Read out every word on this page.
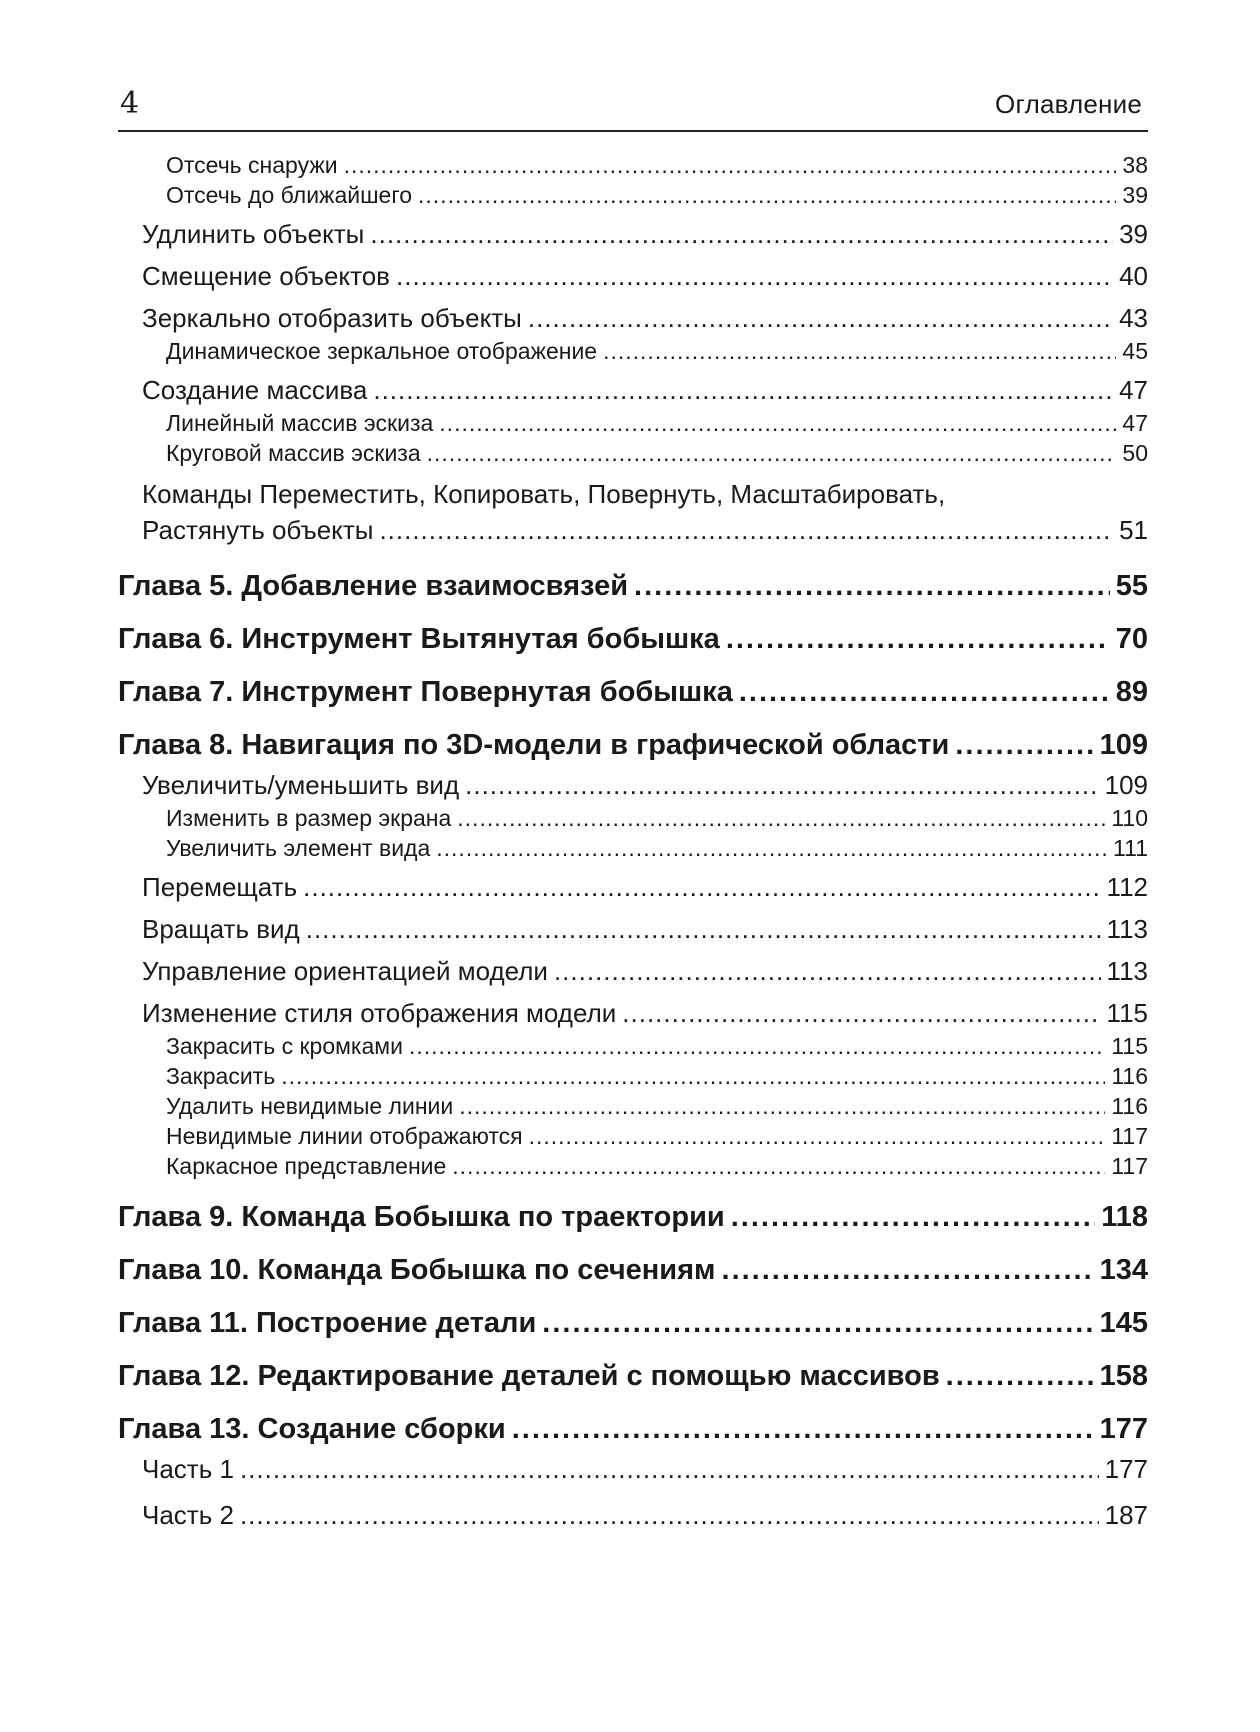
4	Оглавление
Отсечь снаружи .....	38
Отсечь до ближайшего .....	39
Удлинить объекты .....	39
Смещение объектов .....	40
Зеркально отобразить объекты .....	43
Динамическое зеркальное отображение .....	45
Создание массива .....	47
Линейный массив эскиза .....	47
Круговой массив эскиза .....	50
Команды Переместить, Копировать, Повернуть, Масштабировать,
Растянуть объекты .....	51
Глава 5. Добавление взаимосвязей .....	55
Глава 6. Инструмент Вытянутая бобышка .....	70
Глава 7. Инструмент Повернутая бобышка .....	89
Глава 8. Навигация по 3D-модели в графической области .....	109
Увеличить/уменьшить вид .....	109
Изменить в размер экрана .....	110
Увеличить элемент вида .....	111
Перемещать .....	112
Вращать вид .....	113
Управление ориентацией модели .....	113
Изменение стиля отображения модели .....	115
Закрасить с кромками .....	115
Закрасить .....	116
Удалить невидимые линии .....	116
Невидимые линии отображаются .....	117
Каркасное представление .....	117
Глава 9. Команда Бобышка по траектории .....	118
Глава 10. Команда Бобышка по сечениям .....	134
Глава 11. Построение детали .....	145
Глава 12. Редактирование деталей с помощью массивов .....	158
Глава 13. Создание сборки .....	177
Часть 1 .....	177
Часть 2 .....	187
